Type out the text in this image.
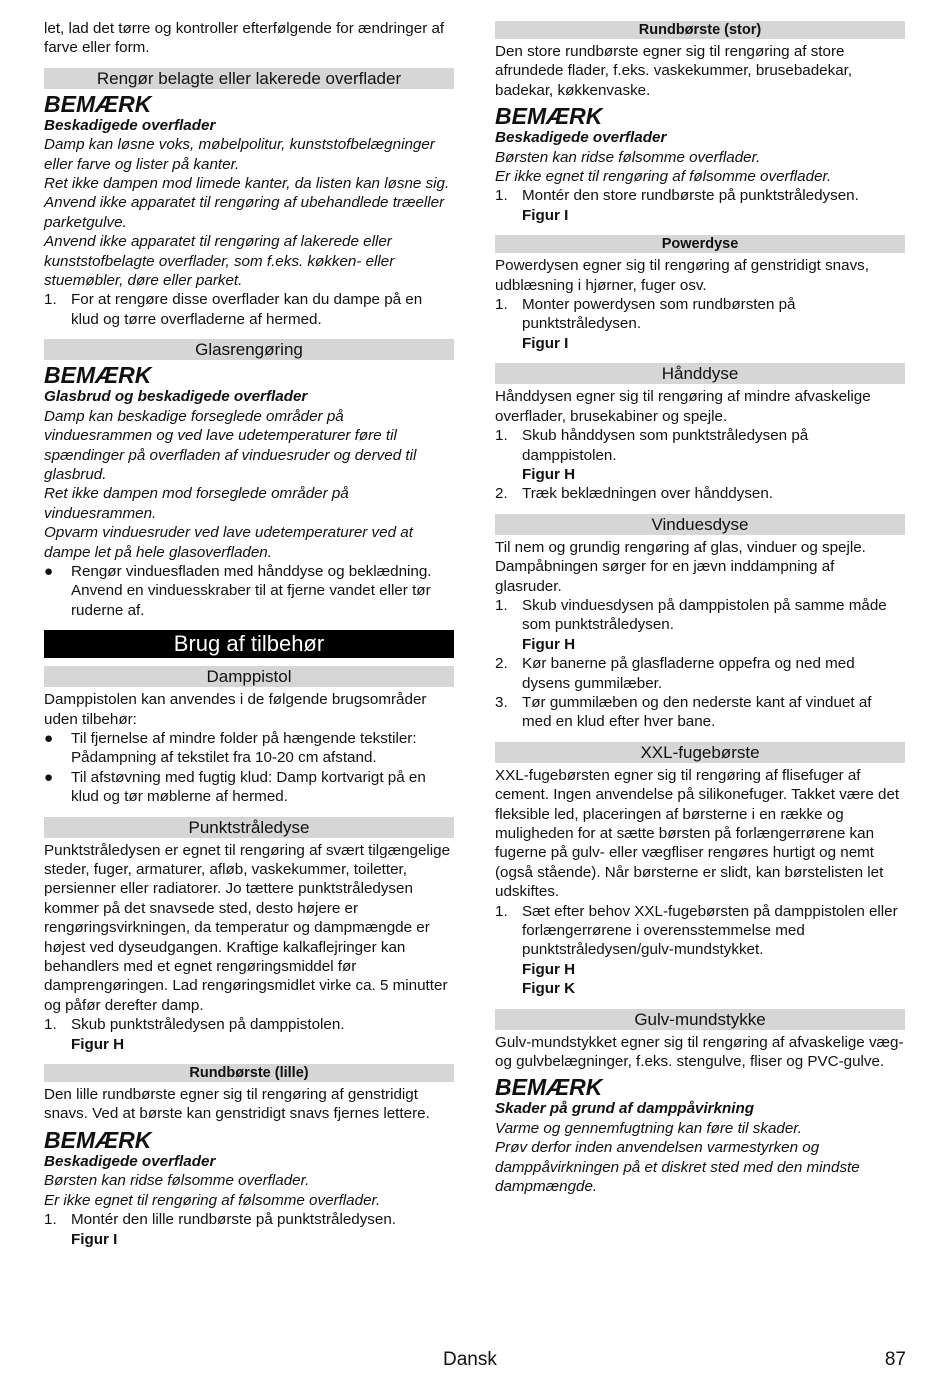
let, lad det tørre og kontroller efterfølgende for ændringer af farve eller form.

Rengør belagte eller lakerede overflader
BEMÆRK

Beskadigede overflader

Damp kan løsne voks, møbelpolitur, kunststofbelægninger eller farve og lister på kanter.

Ret ikke dampen mod limede kanter, da listen kan løsne sig.

Anvend ikke apparatet til rengøring af ubehandlede træeller parketgulve.

Anvend ikke apparatet til rengøring af lakerede eller kunststofbelagte overflader, som f.eks. køkken- eller stuemøbler, døre eller parket.

1. For at rengøre disse overflader kan du dampe på en klud og tørre overfladerne af hermed.
Glasrengøring
BEMÆRK

Glasbrud og beskadigede overflader

Damp kan beskadige forseglede områder på vinduesrammen og ved lave udetemperaturer føre til spændinger på overfladen af vinduesruder og derved til glasbrud.

Ret ikke dampen mod forseglede områder på vinduesrammen.

Opvarm vinduesruder ved lave udetemperaturer ved at dampe let på hele glasoverfladen.

● Rengør vinduesfladen med hånddyse og beklædning. Anvend en vinduesskraber til at fjerne vandet eller tør ruderne af.
Brug af tilbehør
Damppistol

Damppistolen kan anvendes i de følgende brugsområder uden tilbehør:

● Til fjernelse af mindre folder på hængende tekstiler: Pådampning af tekstilet fra 10-20 cm afstand.
● Til afstøvning med fugtig klud: Damp kortvarigt på en klud og tør møblerne af hermed.
Punktstråledyse

Punktstråledysen er egnet til rengøring af svært tilgængelige steder, fuger, armaturer, afløb, vaskekummer, toiletter, persienner eller radiatorer. Jo tættere punktstråledysen kommer på det snavsede sted, desto højere er rengøringsvirkningen, da temperatur og dampmængde er højest ved dyseudgangen. Kraftige kalkaflejringer kan behandlers med et egnet rengøringsmiddel før damprengøringen. Lad rengøringsmidlet virke ca. 5 minutter og påfør derefter damp.

1. Skub punktstråledysen på damppistolen.
Figur H
Rundbørste (lille)

Den lille rundbørste egner sig til rengøring af genstridigt snavs. Ved at børste kan genstridigt snavs fjernes lettere.

BEMÆRK

Beskadigede overflader

Børsten kan ridse følsomme overflader.

Er ikke egnet til rengøring af følsomme overflader.

1. Montér den lille rundbørste på punktstråledysen.
Figur I
Rundbørste (stor)

Den store rundbørste egner sig til rengøring af store afrundede flader, f.eks. vaskekummer, brusebadekar, badekar, køkkenvaske.

BEMÆRK

Beskadigede overflader

Børsten kan ridse følsomme overflader.

Er ikke egnet til rengøring af følsomme overflader.

1. Montér den store rundbørste på punktstråledysen.
Figur I
Powerdyse

Powerdysen egner sig til rengøring af genstridigt snavs, udblæsning i hjørner, fuger osv.

1. Monter powerdysen som rundbørsten på punktstråledysen.
Figur I
Hånddyse

Hånddysen egner sig til rengøring af mindre afvaskelige overflader, brusekabiner og spejle.

1. Skub hånddysen som punktstråledysen på damppistolen.
Figur H
2. Træk beklædningen over hånddysen.
Vinduesdyse

Til nem og grundig rengøring af glas, vinduer og spejle. Dampåbningen sørger for en jævn inddampning af glasruder.

1. Skub vinduesdysen på damppistolen på samme måde som punktstråledysen.
Figur H
2. Kør banerne på glasfladerne oppefra og ned med dysens gummilæber.
3. Tør gummilæben og den nederste kant af vinduet af med en klud efter hver bane.
XXL-fugebørste

XXL-fugebørsten egner sig til rengøring af flisefuger af cement. Ingen anvendelse på silikonefuger. Takket være det fleksible led, placeringen af børsterne i en række og muligheden for at sætte børsten på forlængerrørene kan fugerne på gulv- eller vægfliser rengøres hurtigt og nemt (også stående). Når børsterne er slidt, kan børstelisten let udskiftes.

1. Sæt efter behov XXL-fugebørsten på damppistolen eller forlængerrørene i overensstemmelse med punktstråledysen/gulv-mundstykket.
Figur H
Figur K
Gulv-mundstykke

Gulv-mundstykket egner sig til rengøring af afvaskelige væg- og gulvbelægninger, f.eks. stengulve, fliser og PVC-gulve.

BEMÆRK

Skader på grund af damppåvirkning

Varme og gennemfugtning kan føre til skader.

Prøv derfor inden anvendelsen varmestyrken og damppåvirkningen på et diskret sted med den mindste dampmængde.

Dansk	87
